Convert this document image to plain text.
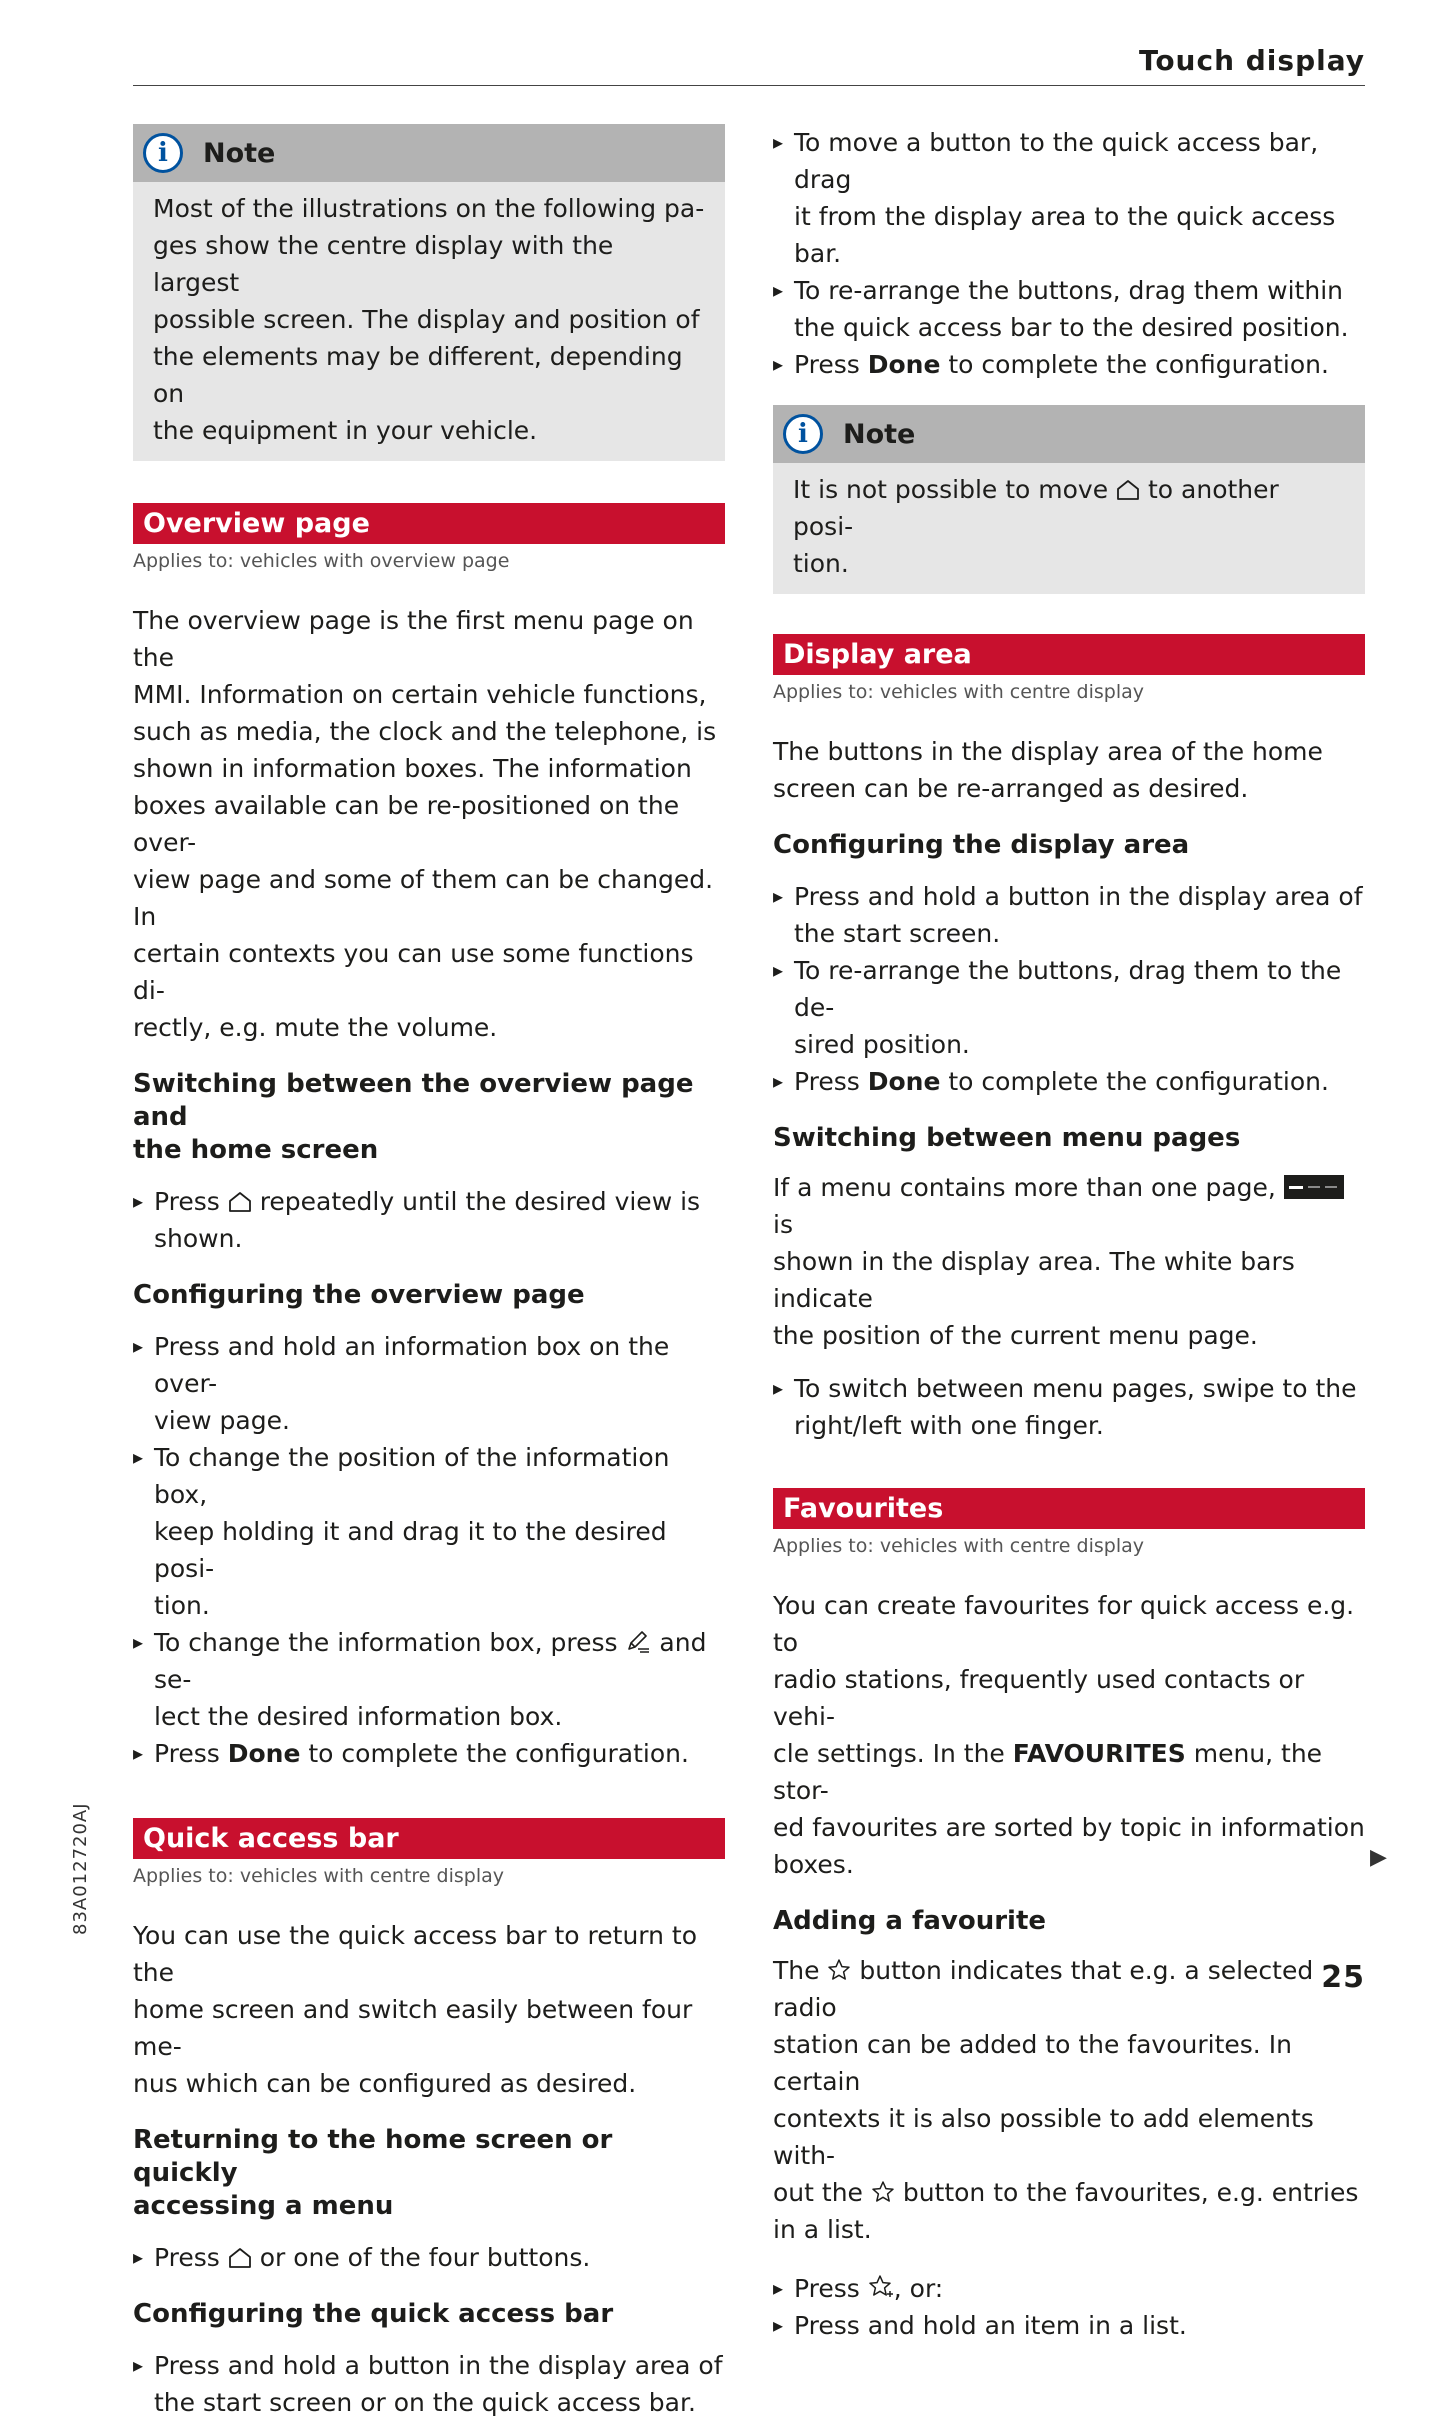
Touch display
i	Note
Most of the illustrations on the following pa-
ges show the centre display with the largest
possible screen. The display and position of
the elements may be different, depending on
the equipment in your vehicle.
Overview page
Applies to: vehicles with overview page

The overview page is the first menu page on the
MMI. Information on certain vehicle functions,
such as media, the clock and the telephone, is
shown in information boxes. The information
boxes available can be re-positioned on the over-
view page and some of them can be changed. In
certain contexts you can use some functions di-
rectly, e.g. mute the volume.

Switching between the overview page and
the home screen
▸ Press  repeatedly until the desired view is
shown.
Configuring the overview page
▸ Press and hold an information box on the over-
view page.
▸ To change the position of the information box,
keep holding it and drag it to the desired posi-
tion.
▸ To change the information box, press  and se-
lect the desired information box.
▸ Press Done to complete the configuration.
Quick access bar
Applies to: vehicles with centre display

You can use the quick access bar to return to the
home screen and switch easily between four me-
nus which can be configured as desired.

Returning to the home screen or quickly
accessing a menu
▸ Press  or one of the four buttons.
Configuring the quick access bar
▸ Press and hold a button in the display area of
the start screen or on the quick access bar.
▸ To move a button to the quick access bar, drag
it from the display area to the quick access bar.
▸ To re-arrange the buttons, drag them within
the quick access bar to the desired position.
▸ Press Done to complete the configuration.
i	Note
It is not possible to move  to another posi-
tion.
Display area
Applies to: vehicles with centre display

The buttons in the display area of the home
screen can be re-arranged as desired.

Configuring the display area
▸ Press and hold a button in the display area of
the start screen.
▸ To re-arrange the buttons, drag them to the de-
sired position.
▸ Press Done to complete the configuration.
Switching between menu pages

If a menu contains more than one page,  is
shown in the display area. The white bars indicate
the position of the current menu page.

▸ To switch between menu pages, swipe to the
right/left with one finger.
Favourites
Applies to: vehicles with centre display

You can create favourites for quick access e.g. to
radio stations, frequently used contacts or vehi-
cle settings. In the FAVOURITES menu, the stor-
ed favourites are sorted by topic in information
boxes.

Adding a favourite

The  button indicates that e.g. a selected radio
station can be added to the favourites. In certain
contexts it is also possible to add elements with-
out the  button to the favourites, e.g. entries
in a list.

▸ Press , or:
▸ Press and hold an item in a list.
83A012720AJ	▶
25
